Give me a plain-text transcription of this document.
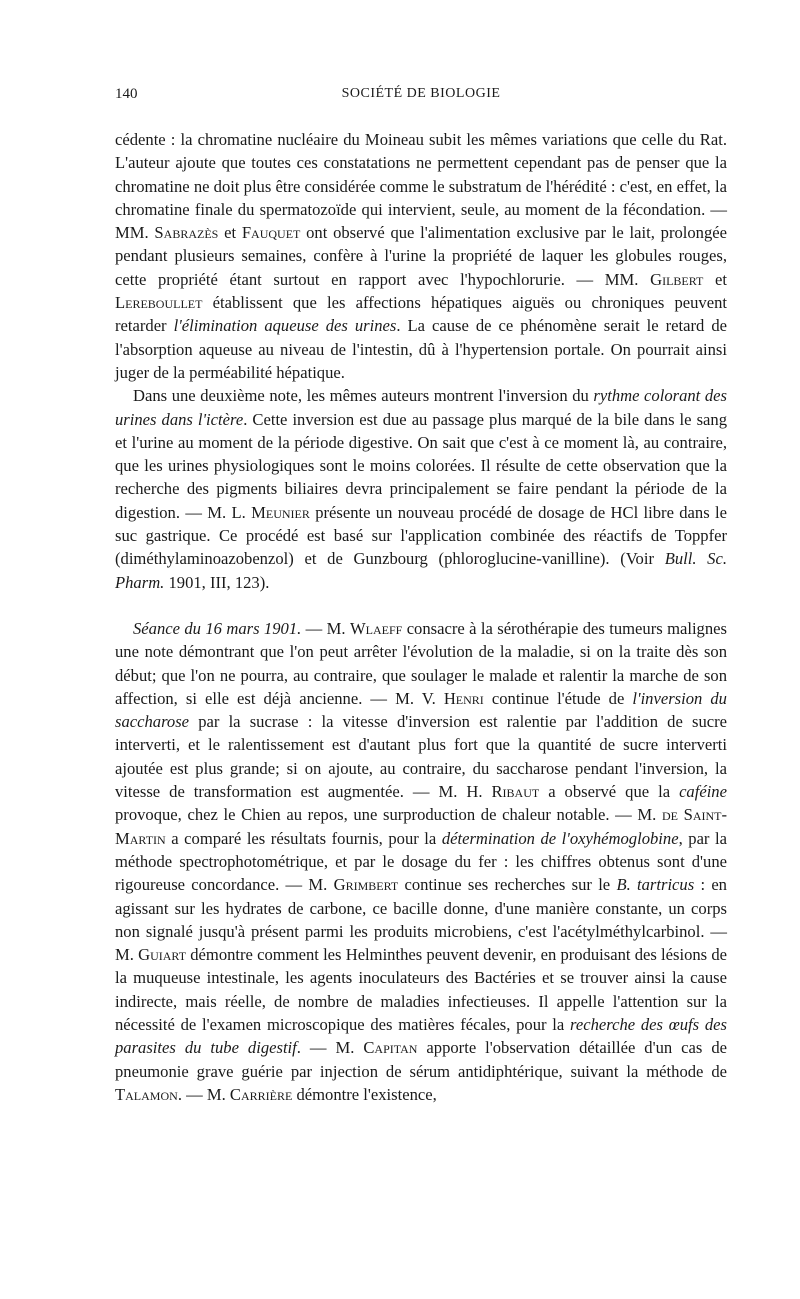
140	SOCIÉTÉ DE BIOLOGIE

cédente : la chromatine nucléaire du Moineau subit les mêmes variations que celle du Rat. L'auteur ajoute que toutes ces constatations ne permettent cependant pas de penser que la chromatine ne doit plus être considérée comme le substratum de l'hérédité : c'est, en effet, la chromatine finale du spermatozoïde qui intervient, seule, au moment de la fécondation. — MM. Sabrazès et Fauquet ont observé que l'alimentation exclusive par le lait, prolongée pendant plusieurs semaines, confère à l'urine la propriété de laquer les globules rouges, cette propriété étant surtout en rapport avec l'hypochlorurie. — MM. Gilbert et Lereboullet établissent que les affections hépatiques aiguës ou chroniques peuvent retarder l'élimination aqueuse des urines. La cause de ce phénomène serait le retard de l'absorption aqueuse au niveau de l'intestin, dû à l'hypertension portale. On pourrait ainsi juger de la perméabilité hépatique.

Dans une deuxième note, les mêmes auteurs montrent l'inversion du rythme colorant des urines dans l'ictère. Cette inversion est due au passage plus marqué de la bile dans le sang et l'urine au moment de la période digestive. On sait que c'est à ce moment là, au contraire, que les urines physiologiques sont le moins colorées. Il résulte de cette observation que la recherche des pigments biliaires devra principalement se faire pendant la période de la digestion. — M. L. Meunier présente un nouveau procédé de dosage de HCl libre dans le suc gastrique. Ce procédé est basé sur l'application combinée des réactifs de Toppfer (diméthylaminoazobenzol) et de Gunzbourg (phloroglucine-vanilline). (Voir Bull. Sc. Pharm. 1901, III, 123).

Séance du 16 mars 1901. — M. Wlaeff consacre à la sérothérapie des tumeurs malignes une note démontrant que l'on peut arrêter l'évolution de la maladie, si on la traite dès son début; que l'on ne pourra, au contraire, que soulager le malade et ralentir la marche de son affection, si elle est déjà ancienne. — M. V. Henri continue l'étude de l'inversion du saccharose par la sucrase : la vitesse d'inversion est ralentie par l'addition de sucre interverti, et le ralentissement est d'autant plus fort que la quantité de sucre interverti ajoutée est plus grande; si on ajoute, au contraire, du saccharose pendant l'inversion, la vitesse de transformation est augmentée. — M. H. Ribaut a observé que la caféine provoque, chez le Chien au repos, une surproduction de chaleur notable. — M. de Saint-Martin a comparé les résultats fournis, pour la détermination de l'oxyhémoglobine, par la méthode spectrophotométrique, et par le dosage du fer : les chiffres obtenus sont d'une rigoureuse concordance. — M. Grimbert continue ses recherches sur le B. tartricus : en agissant sur les hydrates de carbone, ce bacille donne, d'une manière constante, un corps non signalé jusqu'à présent parmi les produits microbiens, c'est l'acétylméthylcarbinol. — M. Guiart démontre comment les Helminthes peuvent devenir, en produisant des lésions de la muqueuse intestinale, les agents inoculateurs des Bactéries et se trouver ainsi la cause indirecte, mais réelle, de nombre de maladies infectieuses. Il appelle l'attention sur la nécessité de l'examen microscopique des matières fécales, pour la recherche des œufs des parasites du tube digestif. — M. Capitan apporte l'observation détaillée d'un cas de pneumonie grave guérie par injection de sérum antidiphtérique, suivant la méthode de Talamon. — M. Carrière démontre l'existence,
